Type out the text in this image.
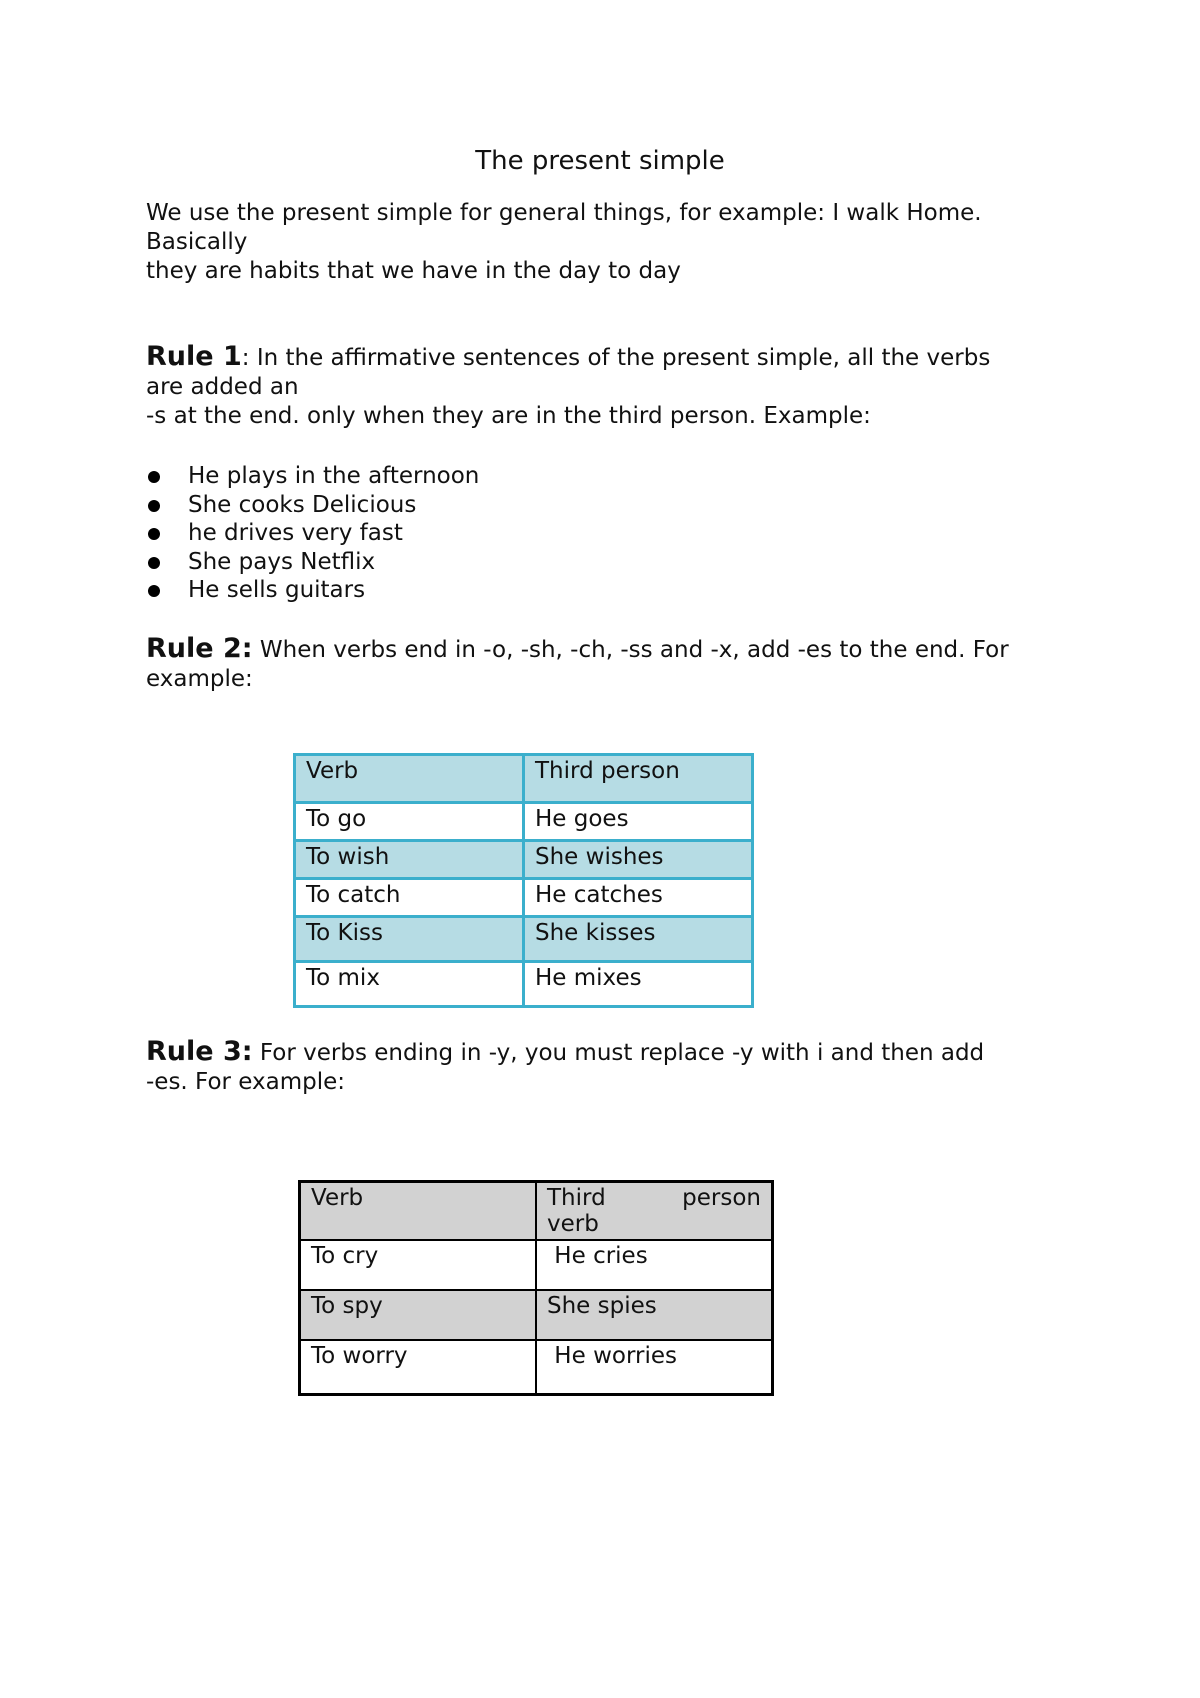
The present simple

We use the present simple for general things, for example: I walk Home.
Basically
they are habits that we have in the day to day

Rule 1: In the affirmative sentences of the present simple, all the verbs
are added an
-s at the end. only when they are in the third person. Example:

He plays in the afternoon
She cooks Delicious
he drives very fast
She pays Netflix
He sells guitars

Rule 2: When verbs end in -o, -sh, -ch, -ss and -x, add -es to the end. For
example:

Verb	Third person
To go	He goes
To wish	She wishes
To catch	He catches
To Kiss	She kisses
To mix	He mixes

Rule 3: For verbs ending in -y, you must replace -y with i and then add
-es. For example:

Verb	Third person
verb

To cry	He cries
To spy	She spies
To worry	He worries
